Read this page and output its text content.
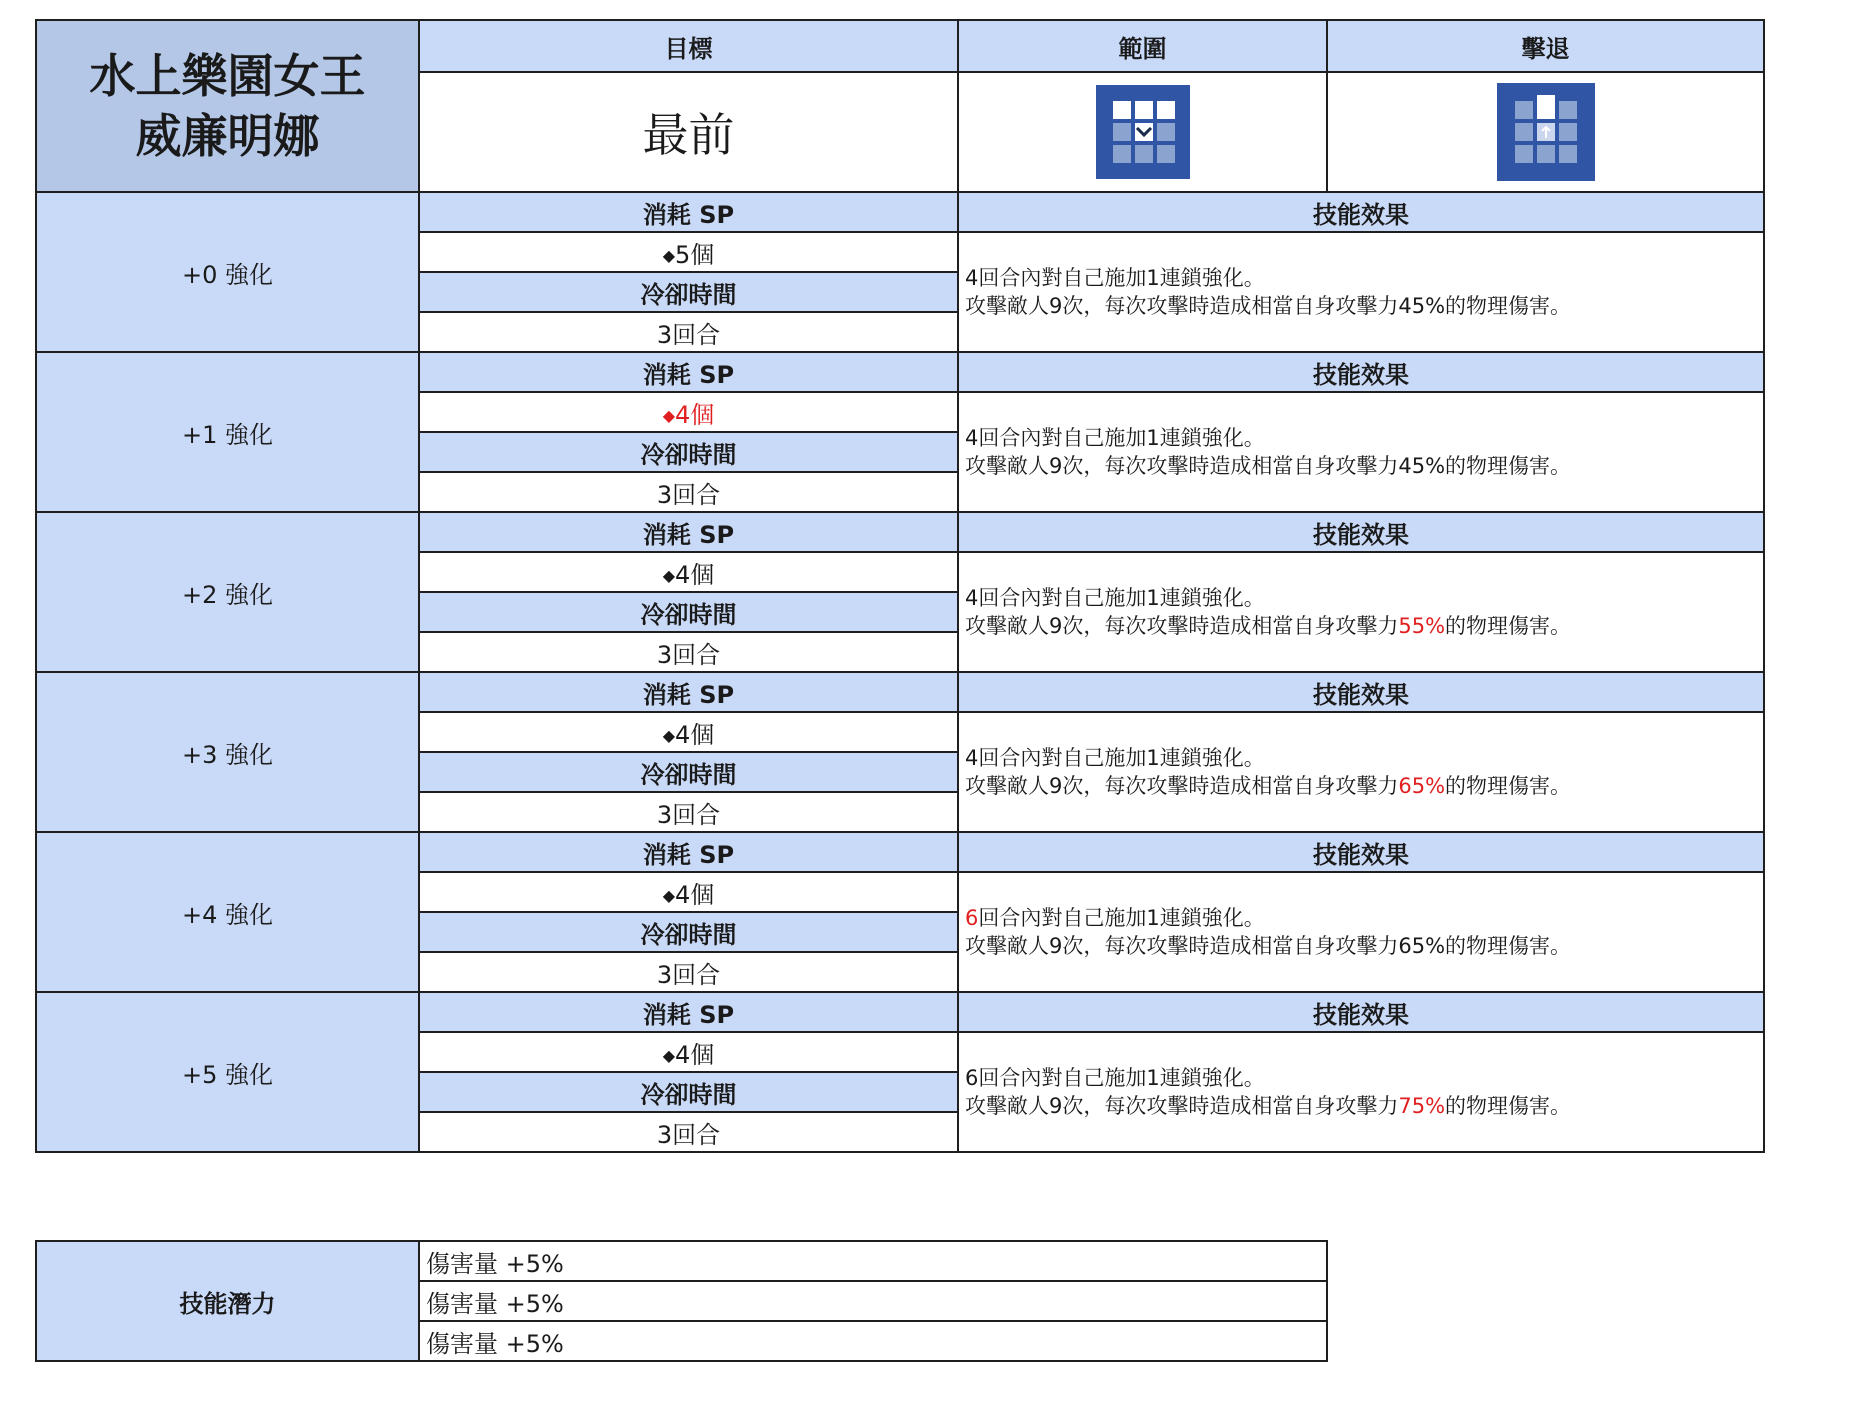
水上樂園女王
威廉明娜	目標	範圍	擊退
	最前		
+0 強化	消耗 SP	技能效果	
	◆5個	4回合內對自己施加1連鎖強化。
攻擊敵人9次，每次攻擊時造成相當自身攻擊力45%的物理傷害。	

	冷卻時間		
	3回合		
+1 強化	消耗 SP	技能效果	
	◆4個	4回合內對自己施加1連鎖強化。
攻擊敵人9次，每次攻擊時造成相當自身攻擊力45%的物理傷害。	

	冷卻時間		
	3回合		
+2 強化	消耗 SP	技能效果	
	◆4個	4回合內對自己施加1連鎖強化。
攻擊敵人9次，每次攻擊時造成相當自身攻擊力55%的物理傷害。	

	冷卻時間		
	3回合		
+3 強化	消耗 SP	技能效果	
	◆4個	4回合內對自己施加1連鎖強化。
攻擊敵人9次，每次攻擊時造成相當自身攻擊力65%的物理傷害。	

	冷卻時間		
	3回合		
+4 強化	消耗 SP	技能效果	
	◆4個	6回合內對自己施加1連鎖強化。
攻擊敵人9次，每次攻擊時造成相當自身攻擊力65%的物理傷害。	

	冷卻時間		
	3回合		
+5 強化	消耗 SP	技能效果	
	◆4個	6回合內對自己施加1連鎖強化。
攻擊敵人9次，每次攻擊時造成相當自身攻擊力75%的物理傷害。	

	冷卻時間		
	3回合		
技能潛力	傷害量 +5%
傷害量 +5%
傷害量 +5%
